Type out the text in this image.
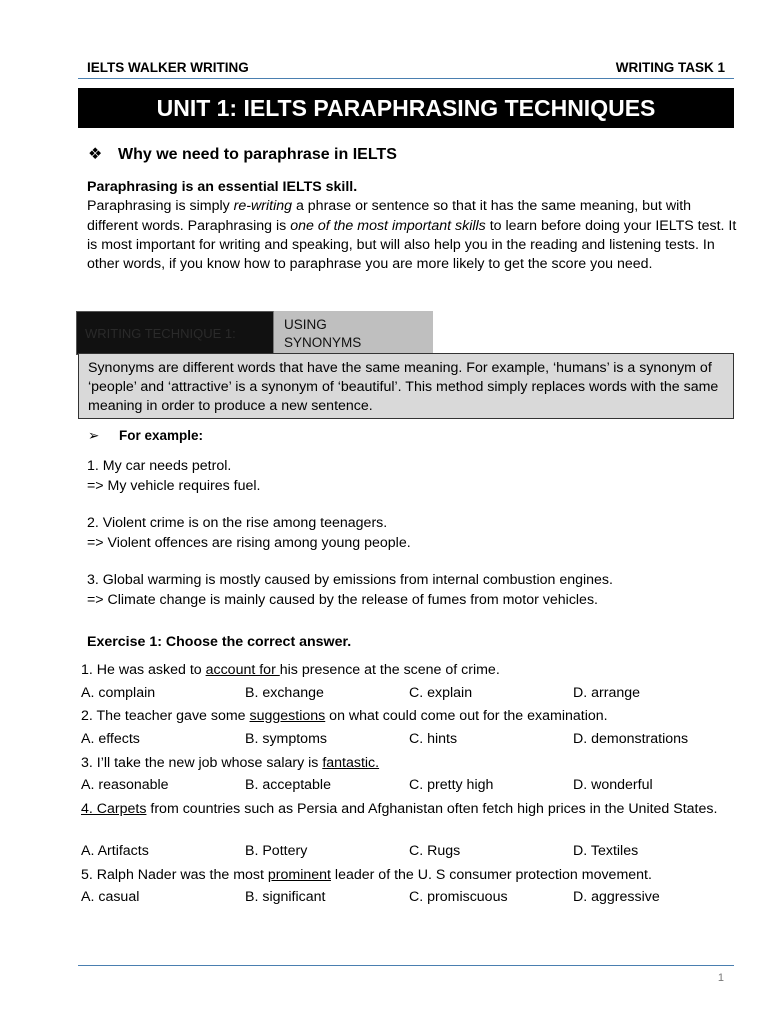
IELTS WALKER WRITING	WRITING TASK 1
UNIT 1: IELTS PARAPHRASING TECHNIQUES
❖ Why we need to paraphrase in IELTS
Paraphrasing is an essential IELTS skill.
Paraphrasing is simply re-writing a phrase or sentence so that it has the same meaning, but with different words. Paraphrasing is one of the most important skills to learn before doing your IELTS test. It is most important for writing and speaking, but will also help you in the reading and listening tests. In other words, if you know how to paraphrase you are more likely to get the score you need.
WRITING TECHNIQUE 1:
USING
SYNONYMS
Synonyms are different words that have the same meaning. For example, ‘humans’ is a synonym of ‘people’ and ‘attractive’ is a synonym of ‘beautiful’. This method simply replaces words with the same meaning in order to produce a new sentence.
➢ For example:
1. My car needs petrol.
=> My vehicle requires fuel.
2. Violent crime is on the rise among teenagers.
=> Violent offences are rising among young people.
3. Global warming is mostly caused by emissions from internal combustion engines.
=> Climate change is mainly caused by the release of fumes from motor vehicles.
Exercise 1: Choose the correct answer.
1. He was asked to account for his presence at the scene of crime.
A. complain	B. exchange	C. explain	D. arrange
2. The teacher gave some suggestions on what could come out for the examination.
A. effects	B. symptoms	C. hints	D. demonstrations
3. I’ll take the new job whose salary is fantastic.
A. reasonable	B. acceptable	C. pretty high	D. wonderful
4. Carpets from countries such as Persia and Afghanistan often fetch high prices in the United States.
A. Artifacts	B. Pottery	C. Rugs	D. Textiles
5. Ralph Nader was the most prominent leader of the U. S consumer protection movement.
A. casual	B. significant	C. promiscuous	D. aggressive
1
